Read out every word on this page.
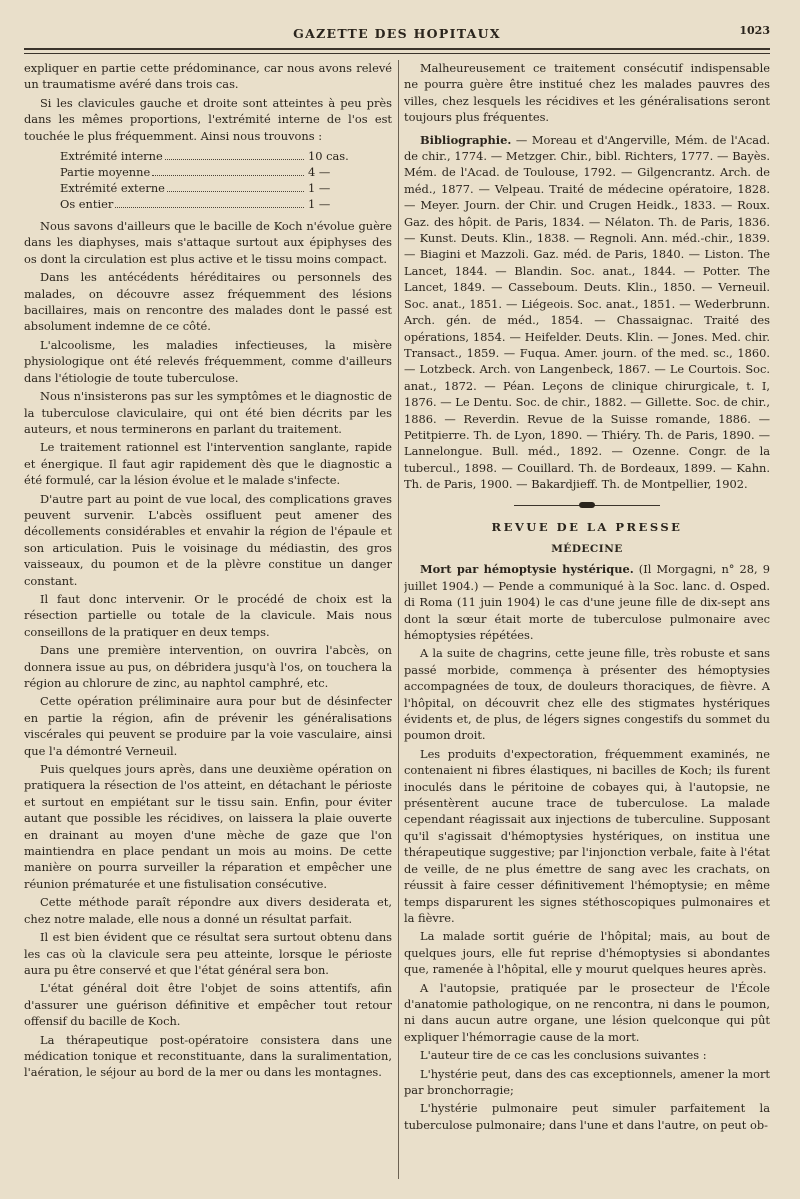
GAZETTE DES HOPITAUX	1023

expliquer en partie cette prédominance, car nous avons relevé un traumatisme avéré dans trois cas.

Si les clavicules gauche et droite sont atteintes à peu près dans les mêmes proportions, l'extrémité interne de l'os est touchée le plus fréquemment. Ainsi nous trouvons :

Extrémité interne	10 cas.
Partie moyenne	4 —
Extrémité externe	1 —
Os entier	1 —

Nous savons d'ailleurs que le bacille de Koch n'évolue guère dans les diaphyses, mais s'attaque surtout aux épiphyses des os dont la circulation est plus active et le tissu moins compact.

Dans les antécédents héréditaires ou personnels des malades, on découvre assez fréquemment des lésions bacillaires, mais on rencontre des malades dont le passé est absolument indemne de ce côté.

L'alcoolisme, les maladies infectieuses, la misère physiologique ont été relevés fréquemment, comme d'ailleurs dans l'étiologie de toute tuberculose.

Nous n'insisterons pas sur les symptômes et le diagnostic de la tuberculose claviculaire, qui ont été bien décrits par les auteurs, et nous terminerons en parlant du traitement.

Le traitement rationnel est l'intervention sanglante, rapide et énergique. Il faut agir rapidement dès que le diagnostic a été formulé, car la lésion évolue et le malade s'infecte.

D'autre part au point de vue local, des complications graves peuvent survenir. L'abcès ossifluent peut amener des décollements considérables et envahir la région de l'épaule et son articulation. Puis le voisinage du médiastin, des gros vaisseaux, du poumon et de la plèvre constitue un danger constant.

Il faut donc intervenir. Or le procédé de choix est la résection partielle ou totale de la clavicule. Mais nous conseillons de la pratiquer en deux temps.

Dans une première intervention, on ouvrira l'abcès, on donnera issue au pus, on débridera jusqu'à l'os, on touchera la région au chlorure de zinc, au naphtol camphré, etc.

Cette opération préliminaire aura pour but de désinfecter en partie la région, afin de prévenir les généralisations viscérales qui peuvent se produire par la voie vasculaire, ainsi que l'a démontré Verneuil.

Puis quelques jours après, dans une deuxième opération on pratiquera la résection de l'os atteint, en détachant le périoste et surtout en empiétant sur le tissu sain. Enfin, pour éviter autant que possible les récidives, on laissera la plaie ouverte en drainant au moyen d'une mèche de gaze que l'on maintiendra en place pendant un mois au moins. De cette manière on pourra surveiller la réparation et empêcher une réunion prématurée et une fistulisation consécutive.

Cette méthode paraît répondre aux divers desiderata et, chez notre malade, elle nous a donné un résultat parfait.

Il est bien évident que ce résultat sera surtout obtenu dans les cas où la clavicule sera peu atteinte, lorsque le périoste aura pu être conservé et que l'état général sera bon.

L'état général doit être l'objet de soins attentifs, afin d'assurer une guérison définitive et empêcher tout retour offensif du bacille de Koch.

La thérapeutique post-opératoire consistera dans une médication tonique et reconstituante, dans la suralimentation, l'aération, le séjour au bord de la mer ou dans les montagnes.

Malheureusement ce traitement consécutif indispensable ne pourra guère être institué chez les malades pauvres des villes, chez lesquels les récidives et les généralisations seront toujours plus fréquentes.

Bibliographie. — Moreau et d'Angerville, Mém. de l'Acad. de chir., 1774. — Metzger. Chir., bibl. Richters, 1777. — Bayès. Mém. de l'Acad. de Toulouse, 1792. — Gilgencrantz. Arch. de méd., 1877. — Velpeau. Traité de médecine opératoire, 1828. — Meyer. Journ. der Chir. und Crugen Heidk., 1833. — Roux. Gaz. des hôpit. de Paris, 1834. — Nélaton. Th. de Paris, 1836. — Kunst. Deuts. Klin., 1838. — Regnoli. Ann. méd.-chir., 1839. — Biagini et Mazzoli. Gaz. méd. de Paris, 1840. — Liston. The Lancet, 1844. — Blandin. Soc. anat., 1844. — Potter. The Lancet, 1849. — Casseboum. Deuts. Klin., 1850. — Verneuil. Soc. anat., 1851. — Liégeois. Soc. anat., 1851. — Wederbrunn. Arch. gén. de méd., 1854. — Chassaignac. Traité des opérations, 1854. — Heifelder. Deuts. Klin. — Jones. Med. chir. Transact., 1859. — Fuqua. Amer. journ. of the med. sc., 1860. — Lotzbeck. Arch. von Langenbeck, 1867. — Le Courtois. Soc. anat., 1872. — Péan. Leçons de clinique chirurgicale, t. I, 1876. — Le Dentu. Soc. de chir., 1882. — Gillette. Soc. de chir., 1886. — Reverdin. Revue de la Suisse romande, 1886. — Petitpierre. Th. de Lyon, 1890. — Thiéry. Th. de Paris, 1890. — Lannelongue. Bull. méd., 1892. — Ozenne. Congr. de la tubercul., 1898. — Couillard. Th. de Bordeaux, 1899. — Kahn. Th. de Paris, 1900. — Bakardjieff. Th. de Montpellier, 1902.

REVUE DE LA PRESSE
MÉDECINE

Mort par hémoptysie hystérique. (Il Morgagni, n° 28, 9 juillet 1904.) — Pende a communiqué à la Soc. lanc. d. Osped. di Roma (11 juin 1904) le cas d'une jeune fille de dix-sept ans dont la sœur était morte de tuberculose pulmonaire avec hémoptysies répétées.

A la suite de chagrins, cette jeune fille, très robuste et sans passé morbide, commença à présenter des hémoptysies accompagnées de toux, de douleurs thoraciques, de fièvre. A l'hôpital, on découvrit chez elle des stigmates hystériques évidents et, de plus, de légers signes congestifs du sommet du poumon droit.

Les produits d'expectoration, fréquemment examinés, ne contenaient ni fibres élastiques, ni bacilles de Koch; ils furent inoculés dans le péritoine de cobayes qui, à l'autopsie, ne présentèrent aucune trace de tuberculose. La malade cependant réagissait aux injections de tuberculine. Supposant qu'il s'agissait d'hémoptysies hystériques, on institua une thérapeutique suggestive; par l'injonction verbale, faite à l'état de veille, de ne plus émettre de sang avec les crachats, on réussit à faire cesser définitivement l'hémoptysie; en même temps disparurent les signes stéthoscopiques pulmonaires et la fièvre.

La malade sortit guérie de l'hôpital; mais, au bout de quelques jours, elle fut reprise d'hémoptysies si abondantes que, ramenée à l'hôpital, elle y mourut quelques heures après.

A l'autopsie, pratiquée par le prosecteur de l'École d'anatomie pathologique, on ne rencontra, ni dans le poumon, ni dans aucun autre organe, une lésion quelconque qui pût expliquer l'hémorragie cause de la mort.

L'auteur tire de ce cas les conclusions suivantes :

L'hystérie peut, dans des cas exceptionnels, amener la mort par bronchorragie;

L'hystérie pulmonaire peut simuler parfaitement la tuberculose pulmonaire; dans l'une et dans l'autre, on peut ob-
